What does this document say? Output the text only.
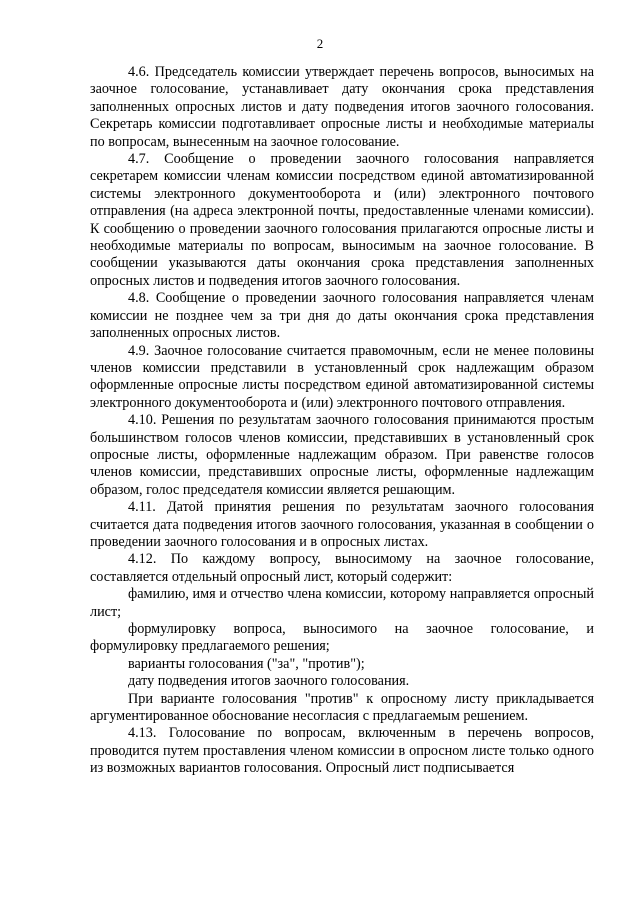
2

4.6. Председатель комиссии утверждает перечень вопросов, выносимых на заочное голосование, устанавливает дату окончания срока представления заполненных опросных листов и дату подведения итогов заочного голосования. Секретарь комиссии подготавливает опросные листы и необходимые материалы по вопросам, вынесенным на заочное голосование.

4.7. Сообщение о проведении заочного голосования направляется секретарем комиссии членам комиссии посредством единой автоматизированной системы электронного документооборота и (или) электронного почтового отправления (на адреса электронной почты, предоставленные членами комиссии). К сообщению о проведении заочного голосования прилагаются опросные листы и необходимые материалы по вопросам, выносимым на заочное голосование. В сообщении указываются даты окончания срока представления заполненных опросных листов и подведения итогов заочного голосования.

4.8. Сообщение о проведении заочного голосования направляется членам комиссии не позднее чем за три дня до даты окончания срока представления заполненных опросных листов.

4.9. Заочное голосование считается правомочным, если не менее половины членов комиссии представили в установленный срок надлежащим образом оформленные опросные листы посредством единой автоматизированной системы электронного документооборота и (или) электронного почтового отправления.

4.10. Решения по результатам заочного голосования принимаются простым большинством голосов членов комиссии, представивших в установленный срок опросные листы, оформленные надлежащим образом. При равенстве голосов членов комиссии, представивших опросные листы, оформленные надлежащим образом, голос председателя комиссии является решающим.

4.11. Датой принятия решения по результатам заочного голосования считается дата подведения итогов заочного голосования, указанная в сообщении о проведении заочного голосования и в опросных листах.

4.12. По каждому вопросу, выносимому на заочное голосование, составляется отдельный опросный лист, который содержит:

фамилию, имя и отчество члена комиссии, которому направляется опросный лист;

формулировку вопроса, выносимого на заочное голосование, и формулировку предлагаемого решения;

варианты голосования ("за", "против");

дату подведения итогов заочного голосования.

При варианте голосования "против" к опросному листу прикладывается аргументированное обоснование несогласия с предлагаемым решением.

4.13. Голосование по вопросам, включенным в перечень вопросов, проводится путем проставления членом комиссии в опросном листе только одного из возможных вариантов голосования. Опросный лист подписывается
